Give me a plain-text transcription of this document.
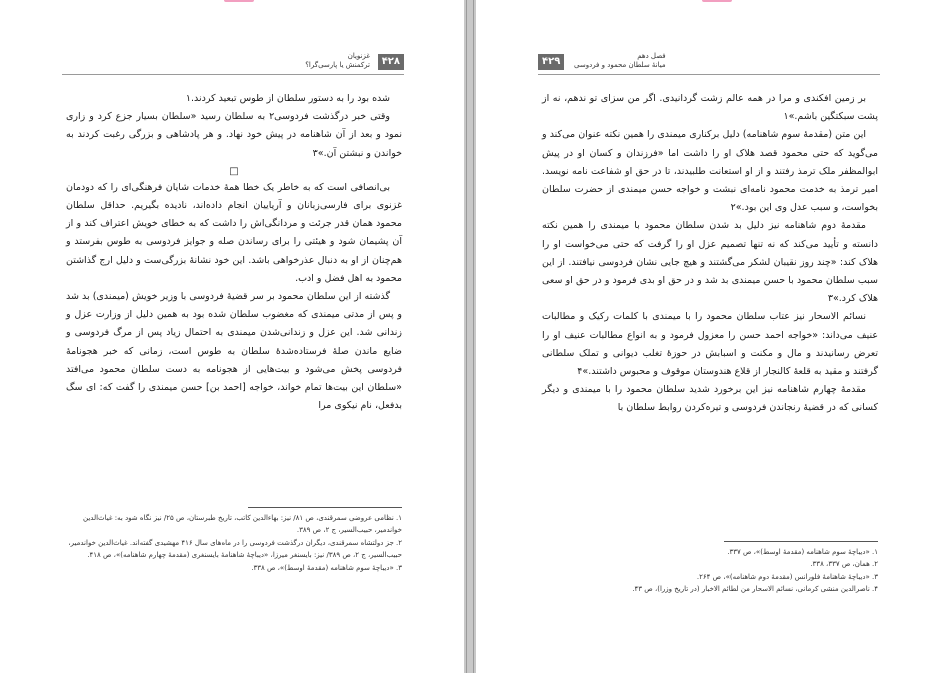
۴۲۸
غزنویان
ترکمنش یا پارسی‌گرا؟

شده بود را به دستور سلطان از طوس تبعید کردند.۱

وقتی خبر درگذشت فردوسی۲ به سلطان رسید «سلطان بسیار جزع کرد و زاری نمود و بعد از آن شاهنامه در پیش خود نهاد. و هر پادشاهی و بزرگی رغبت کردند به خواندن و نبشتن آن.»۳

□

بی‌انصافی است که به خاطر یک خطا همهٔ خدمات شایان فرهنگی‌ای را که دودمان غزنوی برای فارسی‌زبانان و آریاییان انجام داده‌اند، نادیده بگیریم. حداقل سلطان محمود همان قدر جرئت و مردانگی‌اش را داشت که به خطای خویش اعتراف کند و از آن پشیمان شود و هیئتی را برای رساندن صله و جوایز فردوسی به طوس بفرستد و هم‌چنان از او به دنبال عذرخواهی باشد. این خود نشانهٔ بزرگی‌ست و دلیل ارج گذاشتن محمود به اهل فضل و ادب.

گذشته از این سلطان محمود بر سر قضیهٔ فردوسی با وزیر خویش (میمندی) بد شد و پس از مدتی میمندی که مغضوب سلطان شده بود به همین دلیل از وزارت عزل و زندانی شد. این عزل و زندانی‌شدن میمندی به احتمال زیاد پس از مرگ فردوسی و ضایع ماندن صلهٔ فرستاده‌شدهٔ سلطان به طوس است، زمانی که خبر هجونامهٔ فردوسی پخش می‌شود و بیت‌هایی از هجونامه به دست سلطان محمود می‌افتد «سلطان این بیت‌ها تمام خواند، خواجه [احمد بن] حسن میمندی را گفت که: ای سگ بدفعل، نام نیکوی مرا

۱. نظامی عروضی سمرقندی، ص ۸۱/ نیز: بهاءالدین کاتب، تاریخ طبرستان، ص ۲۵/ نیز نگاه شود به: غیاث‌الدین خواندمیر، حبیب‌السیر، ج ۲، ص ۳۸۹.

۲. جز دولتشاه سمرقندی، دیگران درگذشت فردوسی را در ماه‌های سال ۴۱۶ مهشیدی گفته‌اند. غیاث‌الدین خواندمیر، حبیب‌السیر، ج ۲، ص ۳۸۹/ نیز: بایسنغر میرزا، «دیباچهٔ شاهنامهٔ بایسنغری (مقدمهٔ چهارم شاهنامه)»، ص ۴۱۸.

۳. «دیباچهٔ سوم شاهنامه (مقدمهٔ اوسط)»، ص ۳۳۸.

۴۲۹	فصل دهم
میانهٔ سلطان محمود و فردوسی

بر زمین افکندی و مرا در همه عالم زشت گردانیدی. اگر من سزای تو ندهم، نه از پشت سبکتگین باشم.»۱

این متن (مقدمهٔ سوم شاهنامه) دلیل برکناری میمندی را همین نکته عنوان می‌کند و می‌گوید که حتی محمود قصد هلاک او را داشت اما «فرزندان و کسان او در پیش ابوالمظفر ملک ترمذ رفتند و از او استعانت طلبیدند، تا در حق او شفاعت نامه نویسد. امیر ترمذ به خدمت محمود نامه‌ای نبشت و خواجه حسن میمندی از حضرت سلطان بخواست، و سبب عدل وی این بود.»۲

مقدمهٔ دوم شاهنامه نیز دلیل بد شدن سلطان محمود با میمندی را همین نکته دانسته و تأیید می‌کند که نه تنها تصمیم عزل او را گرفت که حتی می‌خواست او را هلاک کند: «چند روز نقیبان لشکر می‌گشتند و هیچ جایی نشان فردوسی نیافتند. از این سبب سلطان محمود با حسن میمندی بد شد و در حق او بدی فرمود و در حق او سعی هلاک کرد.»۳

نسائم الاسحار نیز عتاب سلطان محمود را با میمندی با کلمات رکیک و مطالبات عنیف می‌داند: «خواجه احمد حسن را معزول فرمود و به انواع مطالبات عنیف او را تعرض رسانیدند و مال و مکنت و اسبابش در حوزهٔ تغلب دیوانی و تملک سلطانی گرفتند و مقید به قلعهٔ کالنجار از قلاع هندوستان موقوف و محبوس داشتند.»۴

مقدمهٔ چهارم شاهنامه نیز این برخورد شدید سلطان محمود را با میمندی و دیگر کسانی که در قضیهٔ رنجاندن فردوسی و تیره‌کردن روابط سلطان با

۱. «دیباچهٔ سوم شاهنامه (مقدمهٔ اوسط)»، ص ۳۳۷.

۲. همان، ص ۳۳۷، ۳۳۸.

۳. «دیباچهٔ شاهنامهٔ فلورانس (مقدمهٔ دوم شاهنامه)»، ص ۲۶۴.

۴. ناصرالدین منشی کرمانی، نسائم الاسحار من لطائم الاخبار (در تاریخ وزرا)، ص ۴۳.
